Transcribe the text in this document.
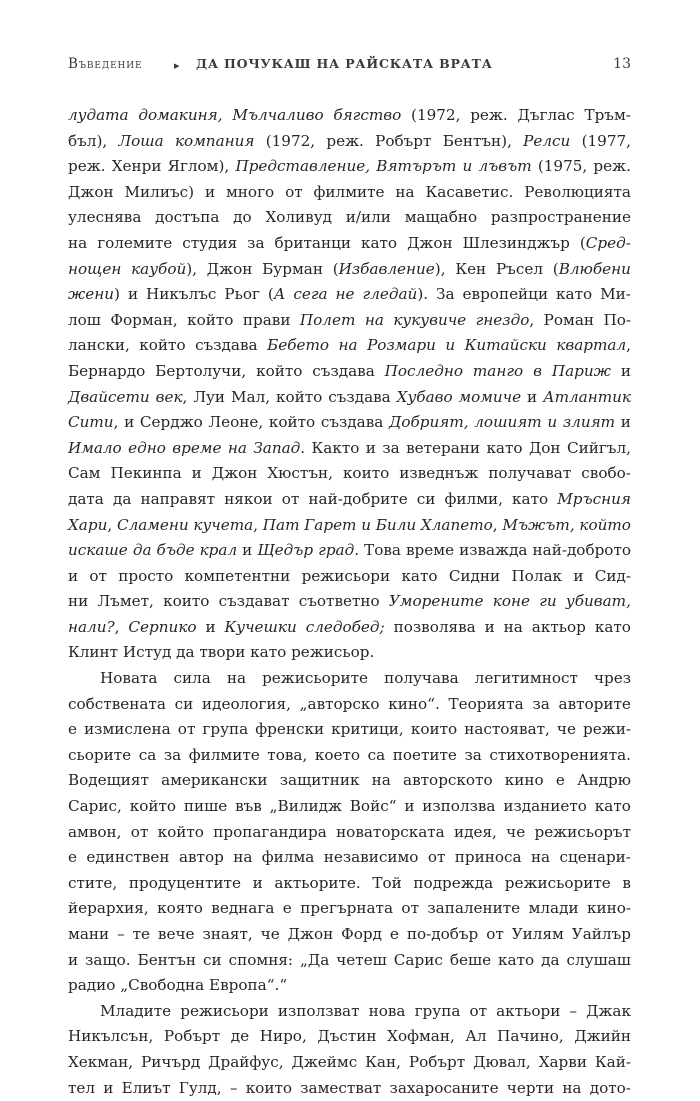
Въведение	▸ ДА ПОЧУКАШ НА РАЙСКАТА ВРАТА	13
лудата домакиня, Мълчаливо бягство (1972, реж. Дъглас Тръм-
бъл), Лоша компания (1972, реж. Робърт Бентън), Релси (1977,
реж. Хенри Яглом), Представление, Вятърът и лъвът (1975, реж.
Джон Милиъс) и много от филмите на Касаветис. Революцията
улеснява достъпа до Холивуд и/или мащабно разпространение
на големите студия за британци като Джон Шлезинджър (Сред-
нощен каубой), Джон Бурман (Избавление), Кен Ръсел (Влюбени
жени) и Никълъс Рьог (А сега не гледай). За европейци като Ми-
лош Форман, който прави Полет на кукувиче гнездо, Роман По-
лански, който създава Бебето на Розмари и Китайски квартал,
Бернардо Бертолучи, който създава Последно танго в Париж и
Двайсети век, Луи Мал, който създава Хубаво момиче и Атлантик
Сити, и Серджо Леоне, който създава Добрият, лошият и злият и
Имало едно време на Запад. Както и за ветерани като Дон Сийгъл,
Сам Пекинпа и Джон Хюстън, които изведнъж получават свобо-
дата да направят някои от най-добрите си филми, като Мръсния
Хари, Сламени кучета, Пат Гарет и Били Хлапето, Мъжът, който
искаше да бъде крал и Щедър град. Това време изважда най-доброто
и от просто компетентни режисьори като Сидни Полак и Сид-
ни Лъмет, които създават съответно Уморените коне ги убиват,
нали?, Серпико и Кучешки следобед; позволява и на актьор като
Клинт Истуд да твори като режисьор.
Новата сила на режисьорите получава легитимност чрез
собствената си идеология, „авторско кино“. Теорията за авторите
е измислена от група френски критици, които настояват, че режи-
сьорите са за филмите това, което са поетите за стихотворенията.
Водещият американски защитник на авторското кино е Андрю
Сарис, който пише във „Вилидж Войс“ и използва изданието като
амвон, от който пропагандира новаторската идея, че режисьорът
е единствен автор на филма независимо от приноса на сценари-
стите, продуцентите и актьорите. Той подрежда режисьорите в
йерархия, която веднага е прегърната от запалените млади кино-
мани – те вече знаят, че Джон Форд е по-добър от Уилям Уайлър
и защо. Бентън си спомня: „Да четеш Сарис беше като да слушаш
радио „Свободна Европа“.“
Младите режисьори използват нова група от актьори – Джак
Никълсън, Робърт де Ниро, Дъстин Хофман, Ал Пачино, Джийн
Хекман, Ричърд Драйфус, Джеймс Кан, Робърт Дювал, Харви Кай-
тел и Елиът Гулд, – които заместват захаросаните черти на дото-
